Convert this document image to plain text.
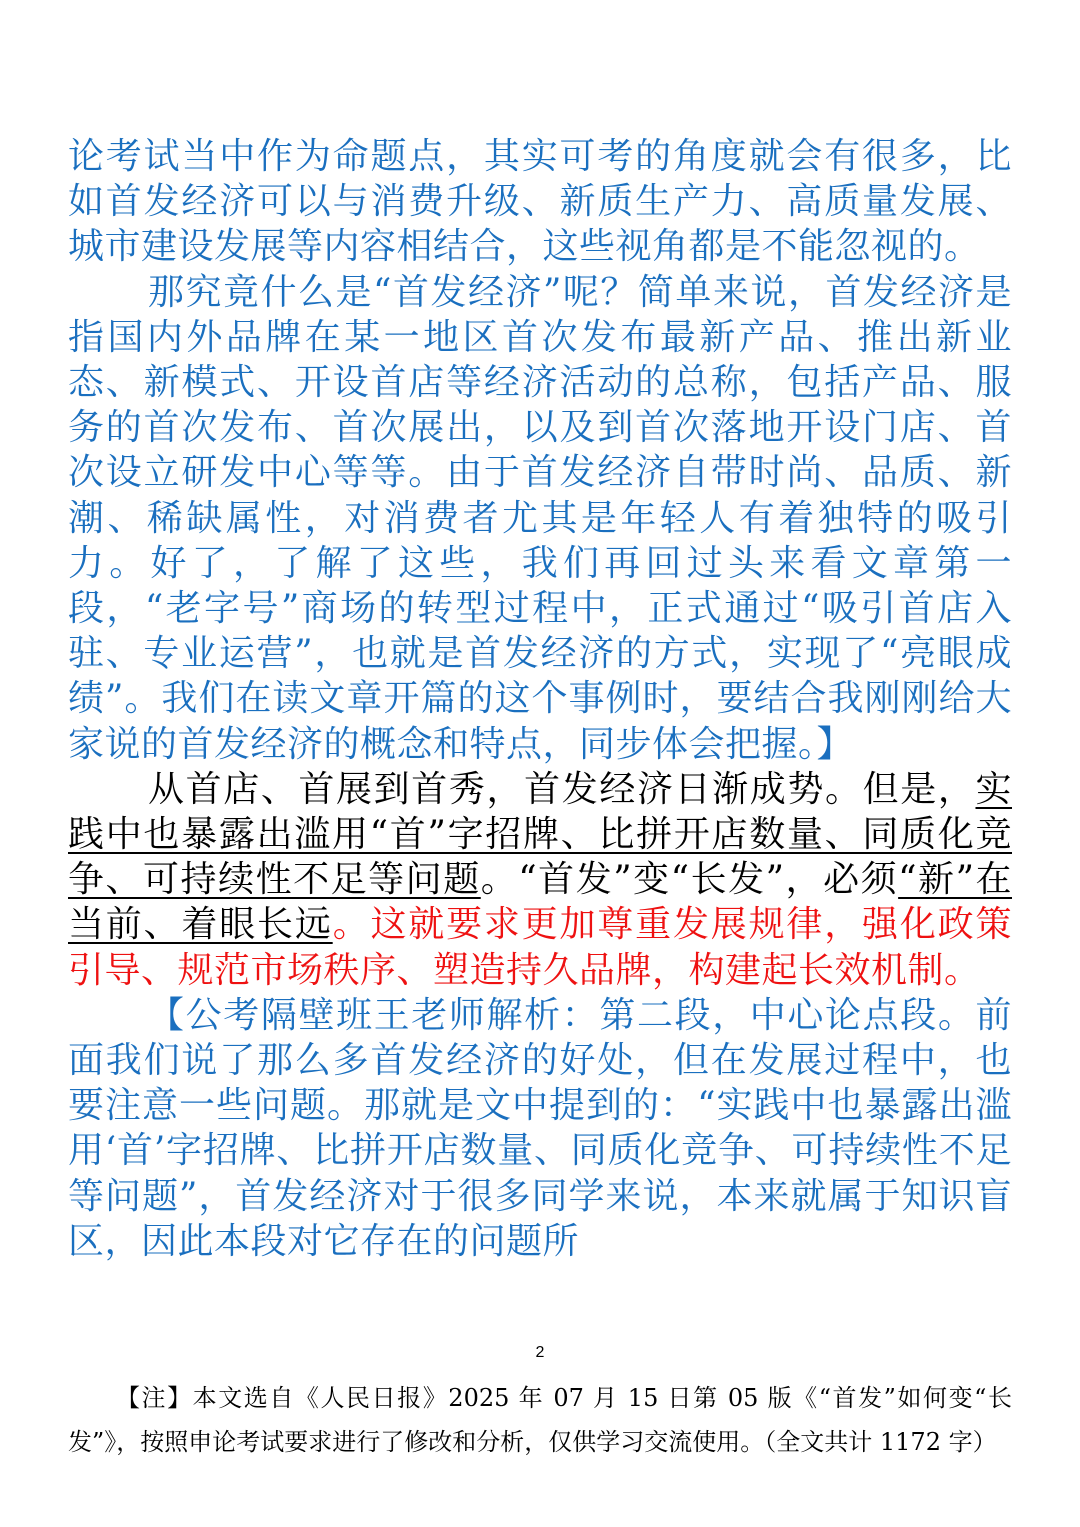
论考试当中作为命题点，其实可考的角度就会有很多，比如首发经济可以与消费升级、新质生产力、高质量发展、城市建设发展等内容相结合，这些视角都是不能忽视的。

那究竟什么是“首发经济”呢？简单来说，首发经济是指国内外品牌在某一地区首次发布最新产品、推出新业态、新模式、开设首店等经济活动的总称，包括产品、服务的首次发布、首次展出，以及到首次落地开设门店、首次设立研发中心等等。由于首发经济自带时尚、品质、新潮、稀缺属性，对消费者尤其是年轻人有着独特的吸引力。好了，了解了这些，我们再回过头来看文章第一段，“老字号”商场的转型过程中，正式通过“吸引首店入驻、专业运营”，也就是首发经济的方式，实现了“亮眼成绩”。我们在读文章开篇的这个事例时，要结合我刚刚给大家说的首发经济的概念和特点，同步体会把握。】

从首店、首展到首秀，首发经济日渐成势。但是，实践中也暴露出滥用“首”字招牌、比拼开店数量、同质化竞争、可持续性不足等问题。“首发”变“长发”，必须“新”在当前、着眼长远。这就要求更加尊重发展规律，强化政策引导、规范市场秩序、塑造持久品牌，构建起长效机制。

【公考隔壁班王老师解析：第二段，中心论点段。前面我们说了那么多首发经济的好处，但在发展过程中，也要注意一些问题。那就是文中提到的：“实践中也暴露出滥用‘首’字招牌、比拼开店数量、同质化竞争、可持续性不足等问题”，首发经济对于很多同学来说，本来就属于知识盲区，因此本段对它存在的问题所

2
【注】本文选自《人民日报》2025 年 07 月 15 日第 05 版《“首发”如何变“长发”》，按照申论考试要求进行了修改和分析，仅供学习交流使用。（全文共计 1172 字）
